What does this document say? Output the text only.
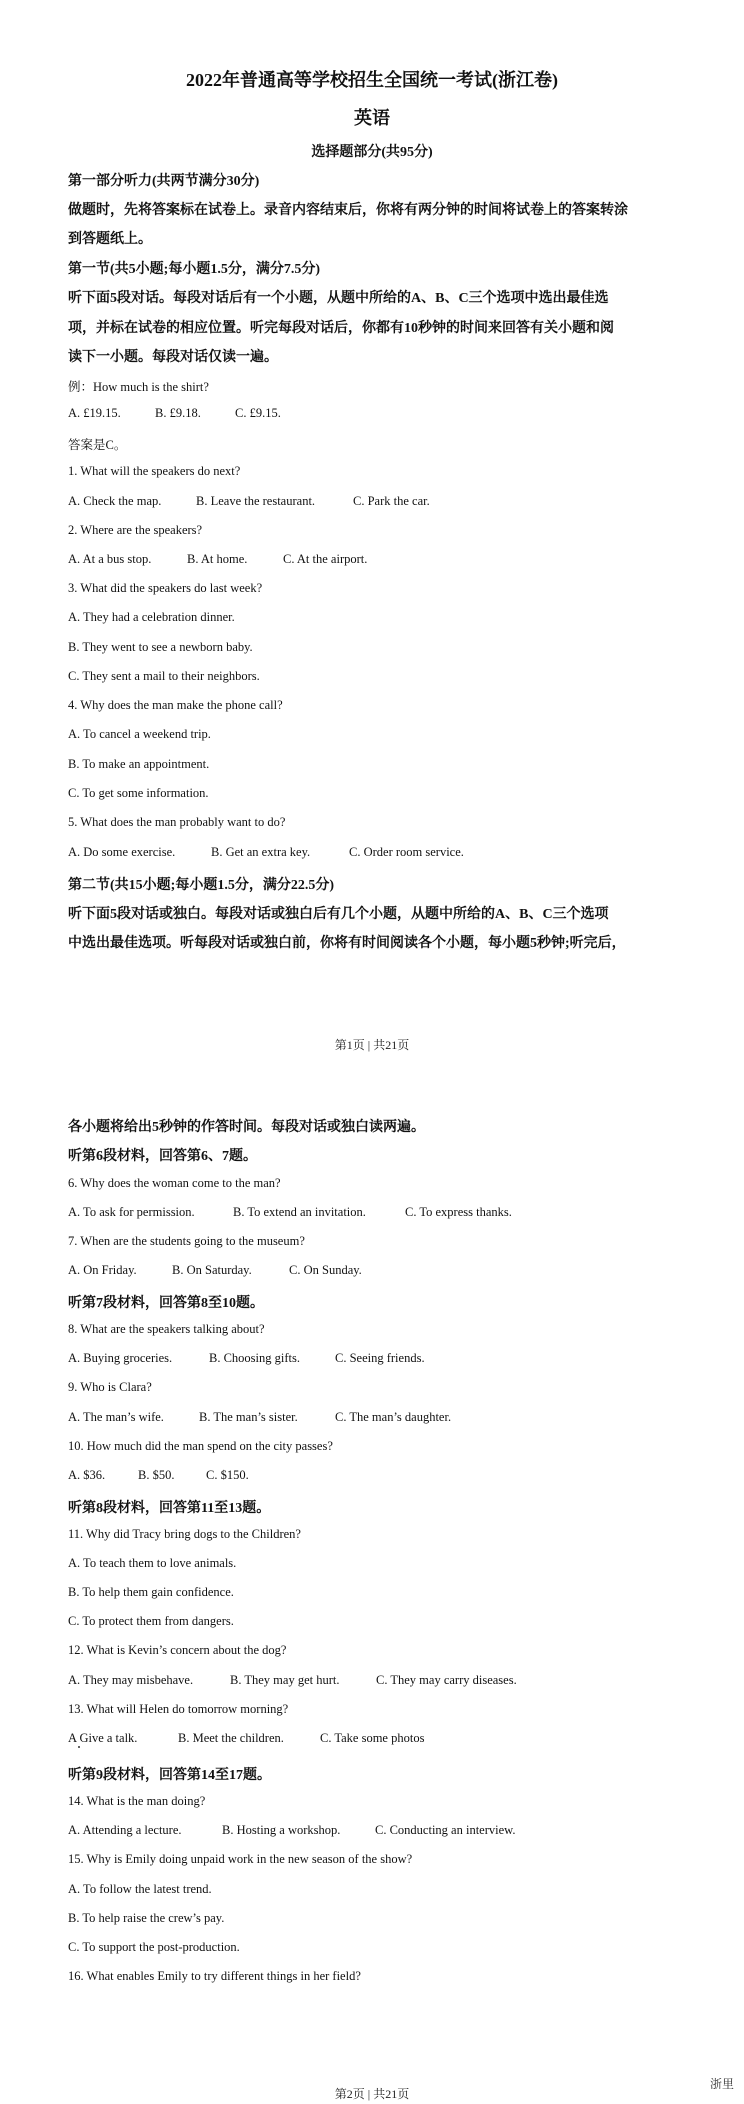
2022年普通高等学校招生全国统一考试(浙江卷)
英语
选择题部分(共95分)
第一部分听力(共两节满分30分)
做题时，先将答案标在试卷上。录音内容结束后，你将有两分钟的时间将试卷上的答案转涂
到答题纸上。
第一节(共5小题;每小题1.5分，满分7.5分)
听下面5段对话。每段对话后有一个小题，从题中所给的A、B、C三个选项中选出最佳选
项，并标在试卷的相应位置。听完每段对话后，你都有10秒钟的时间来回答有关小题和阅
读下一小题。每段对话仅读一遍。
例：How much is the shirt?
A. £19.15.	B. £9.18.	C. £9.15.
答案是C。
1. What will the speakers do next?
A. Check the map.	B. Leave the restaurant.	C. Park the car.
2. Where are the speakers?
A. At a bus stop.	B. At home.	C. At the airport.
3. What did the speakers do last week?
A. They had a celebration dinner.
B. They went to see a newborn baby.
C. They sent a mail to their neighbors.
4. Why does the man make the phone call?
A. To cancel a weekend trip.
B. To make an appointment.
C. To get some information.
5. What does the man probably want to do?
A. Do some exercise.	B. Get an extra key.	C. Order room service.
第二节(共15小题;每小题1.5分，满分22.5分)
听下面5段对话或独白。每段对话或独白后有几个小题，从题中所给的A、B、C三个选项
中选出最佳选项。听每段对话或独白前，你将有时间阅读各个小题，每小题5秒钟;听完后，
第1页 | 共21页
各小题将给出5秒钟的作答时间。每段对话或独白读两遍。
听第6段材料，回答第6、7题。
6. Why does the woman come to the man?
A. To ask for permission.	B. To extend an invitation.	C. To express thanks.
7. When are the students going to the museum?
A. On Friday.	B. On Saturday.	C. On Sunday.
听第7段材料，回答第8至10题。
8. What are the speakers talking about?
A. Buying groceries.	B. Choosing gifts.	C. Seeing friends.
9. Who is Clara?
A. The man’s wife.	B. The man’s sister.	C. The man’s daughter.
10. How much did the man spend on the city passes?
A. $36.	B. $50.	C. $150.
听第8段材料，回答第11至13题。
11. Why did Tracy bring dogs to the Children?
A. To teach them to love animals.
B. To help them gain confidence.
C. To protect them from dangers.
12. What is Kevin’s concern about the dog?
A. They may misbehave.	B. They may get hurt.	C. They may carry diseases.
13. What will Helen do tomorrow morning?
A Give a talk.	B. Meet the children.	C. Take some photos
听第9段材料，回答第14至17题。
14. What is the man doing?
A. Attending a lecture.	B. Hosting a workshop.	C. Conducting an interview.
15. Why is Emily doing unpaid work in the new season of the show?
A. To follow the latest trend.
B. To help raise the crew’s pay.
C. To support the post-production.
16. What enables Emily to try different things in her field?
浙里
第2页 | 共21页
